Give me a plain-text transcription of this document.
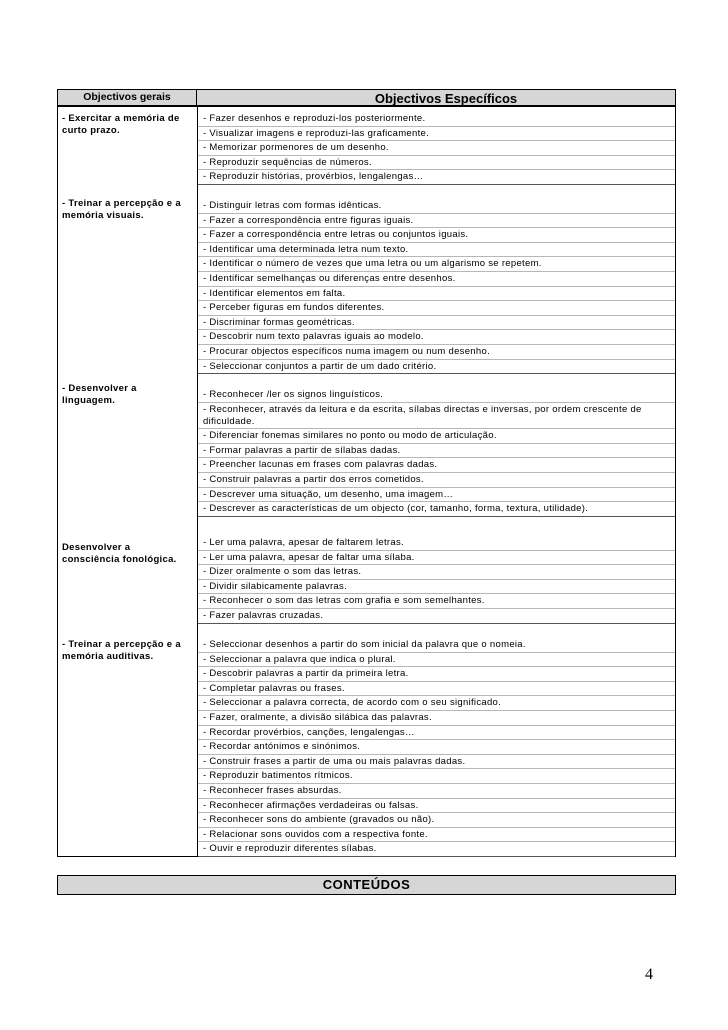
Objectivos gerais	Objectivos Específicos
- Exercitar a memória de curto prazo.
- Fazer desenhos e reproduzi-los posteriormente.
- Visualizar imagens e reproduzi-las graficamente.
- Memorizar pormenores de um desenho.
- Reproduzir sequências de números.
- Reproduzir histórias, provérbios, lengalengas…
- Treinar a percepção e a memória visuais.
- Distinguir letras com formas idênticas.
- Fazer a correspondência entre figuras iguais.
- Fazer a correspondência entre letras ou conjuntos iguais.
- Identificar uma determinada letra num texto.
- Identificar o número de vezes que uma letra ou um algarismo se repetem.
- Identificar semelhanças ou diferenças entre desenhos.
- Identificar elementos em falta.
- Perceber figuras em fundos diferentes.
- Discriminar formas geométricas.
- Descobrir num texto palavras iguais ao modelo.
- Procurar objectos específicos numa imagem ou num desenho.
- Seleccionar conjuntos a partir de um dado critério.
- Desenvolver a linguagem.
- Reconhecer /ler os signos linguísticos.
- Reconhecer, através da leitura e da escrita, sílabas directas e inversas, por ordem crescente de dificuldade.
- Diferenciar fonemas similares no ponto ou modo de articulação.
- Formar palavras a partir de sílabas dadas.
- Preencher lacunas em frases com palavras dadas.
- Construir palavras a partir dos erros cometidos.
- Descrever uma situação, um desenho, uma imagem…
- Descrever as características de um objecto (cor, tamanho, forma, textura, utilidade).
Desenvolver a consciência fonológica.
- Ler uma palavra, apesar de faltarem letras.
- Ler uma palavra, apesar de faltar uma sílaba.
- Dizer oralmente o som das letras.
- Dividir silabicamente palavras.
- Reconhecer o som das letras com grafia e som semelhantes.
- Fazer palavras cruzadas.
- Treinar a percepção e a memória auditivas.
- Seleccionar desenhos a partir do som inicial da palavra que o nomeia.
- Seleccionar a palavra que indica o plural.
- Descobrir palavras a partir da primeira letra.
- Completar palavras ou frases.
- Seleccionar a palavra correcta, de acordo com o seu significado.
- Fazer, oralmente, a divisão silábica das palavras.
- Recordar provérbios, canções, lengalengas…
- Recordar antónimos e sinónimos.
- Construir frases a partir de uma ou mais palavras dadas.
- Reproduzir batimentos rítmicos.
- Reconhecer frases absurdas.
- Reconhecer afirmações verdadeiras ou falsas.
- Reconhecer sons do ambiente (gravados ou não).
- Relacionar sons ouvidos com a respectiva fonte.
- Ouvir e reproduzir diferentes sílabas.
CONTEÚDOS
4
